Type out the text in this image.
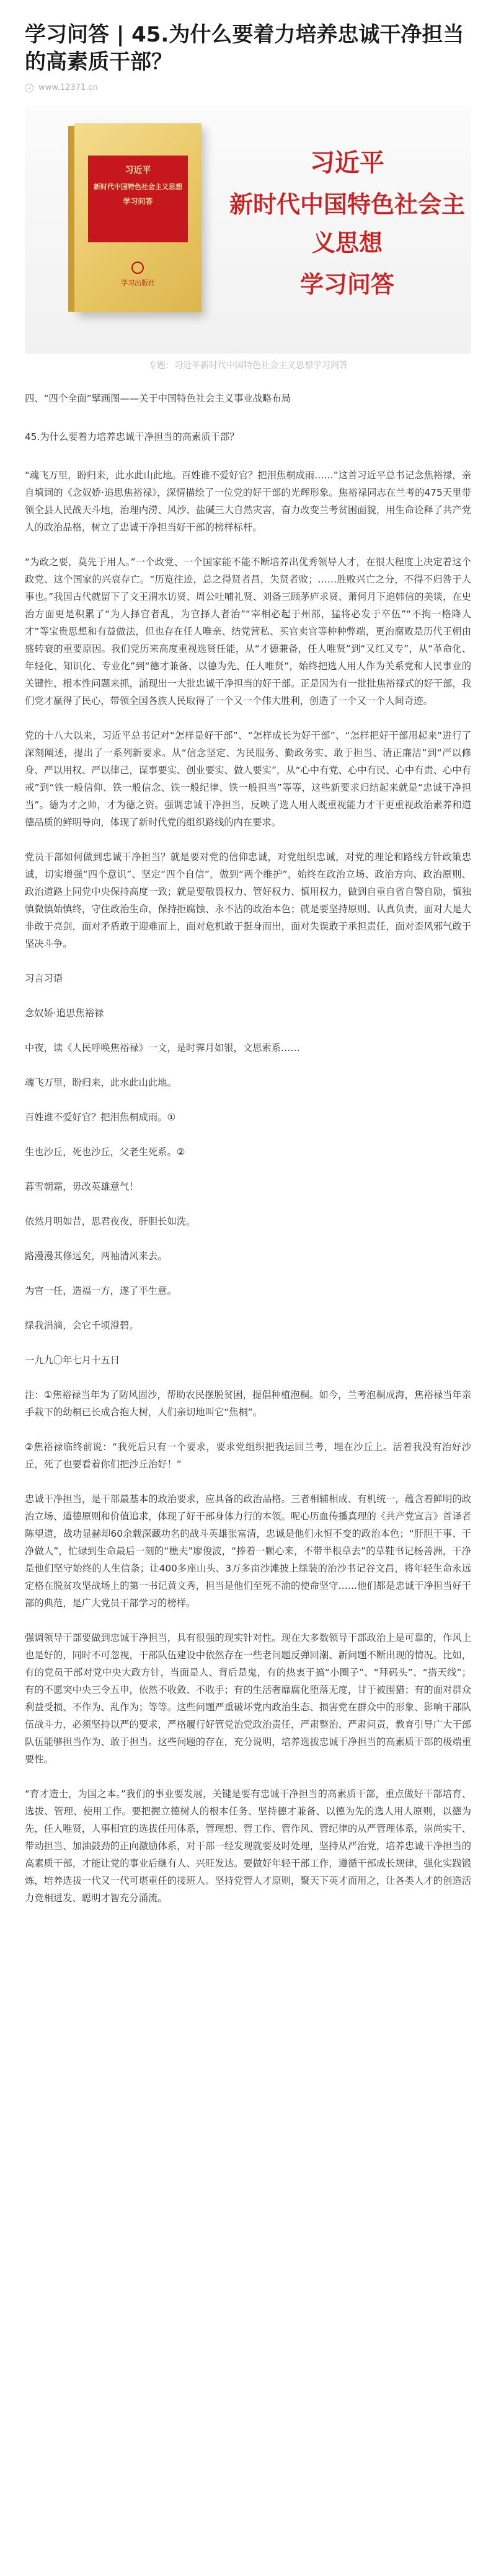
学习问答 | 45.为什么要着力培养忠诚干净担当的高素质干部？
www.12371.cn
习近平
新时代中国特色社会主义思想
学习问答
学习出版社
习近平
新时代中国特色社会主义思想
学习问答
专题：习近平新时代中国特色社会主义思想学习问答

四、“四个全面”擘画图——关于中国特色社会主义事业战略布局

45.为什么要着力培养忠诚干净担当的高素质干部？

“魂飞万里，盼归来，此水此山此地。百姓谁不爱好官？把泪焦桐成雨……”这首习近平总书记念焦裕禄，亲自填词的《念奴娇·追思焦裕禄》，深情描绘了一位党的好干部的光辉形象。焦裕禄同志在兰考的475天里带领全县人民战天斗地，治理内涝、风沙、盐碱三大自然灾害，奋力改变兰考贫困面貌，用生命诠释了共产党人的政治品格，树立了忠诚干净担当好干部的榜样标杆。

“为政之要，莫先于用人。”一个政党、一个国家能不能不断培养出优秀领导人才，在很大程度上决定着这个政党、这个国家的兴衰存亡。“历览往迹，总之得贤者昌，失贤者败；……胜败兴亡之分，不得不归咎于人事也。”我国古代就留下了文王渭水访贤、周公吐哺礼贤、刘备三顾茅庐求贤、萧何月下追韩信的美谈，在史治方面更是积累了“为人择官者乱，为官择人者治”“宰相必起于州部，猛将必发于卒伍”“不拘一格降人才”等宝贵思想和有益做法，但也存在任人唯亲、结党营私、买官卖官等种种弊端，更治腐败是历代王朝由盛转衰的重要原因。我们党历来高度重视选贤任能，从“才德兼备，任人唯贤”到“又红又专”，从“革命化、年轻化、知识化、专业化”到“德才兼备、以德为先、任人唯贤”，始终把选人用人作为关系党和人民事业的关键性、根本性问题来抓，涌现出一大批忠诚干净担当的好干部。正是因为有一批批焦裕禄式的好干部，我们党才赢得了民心，带领全国各族人民取得了一个又一个伟大胜利，创造了一个又一个人间奇迹。

党的十八大以来，习近平总书记对“怎样是好干部”、“怎样成长为好干部”、“怎样把好干部用起来”进行了深刻阐述，提出了一系列新要求。从“信念坚定、为民服务、勤政务实、敢于担当、清正廉洁”到“严以修身、严以用权、严以律己，谋事要实、创业要实、做人要实”，从“心中有党、心中有民、心中有责、心中有戒”到“铁一般信仰、铁一般信念、铁一般纪律、铁一般担当”等等，这些新要求归结起来就是“忠诚干净担当”。德为才之帅，才为德之资。强调忠诚干净担当，反映了选人用人既重视能力才干更重视政治素养和道德品质的鲜明导向，体现了新时代党的组织路线的内在要求。

党员干部如何做到忠诚干净担当？就是要对党的信仰忠诚，对党组织忠诚，对党的理论和路线方针政策忠诚，切实增强“四个意识”、坚定“四个自信”，做到“两个维护”，始终在政治立场、政治方向、政治原则、政治道路上同党中央保持高度一致；就是要敬畏权力、管好权力、慎用权力，做到自重自省自警自励，慎独慎微慎始慎终，守住政治生命，保持拒腐蚀、永不沾的政治本色；就是要坚持原则、认真负责，面对大是大非敢于亮剑，面对矛盾敢于迎难而上，面对危机敢于挺身而出，面对失误敢于承担责任，面对歪风邪气敢于坚决斗争。

习言习语

念奴娇·追思焦裕禄

中夜，读《人民呼唤焦裕禄》一文，是时霁月如银，文思索系……

魂飞万里，盼归来，此水此山此地。

百姓谁不爱好官？把泪焦桐成雨。①

生也沙丘，死也沙丘，父老生死系。②

暮雪朝霜，毋改英雄意气！

依然月明如昔，思君夜夜，肝胆长如洗。

路漫漫其修远矣，两袖清风来去。

为官一任，造福一方，遂了平生意。

绿我涓滴，会它千顷澄碧。

一九九〇年七月十五日

注：①焦裕禄当年为了防风固沙，帮助农民摆脱贫困，提倡种植泡桐。如今，兰考泡桐成海，焦裕禄当年亲手栽下的幼桐已长成合抱大树，人们亲切地叫它“焦桐”。

②焦裕禄临终前说：“我死后只有一个要求，要求党组织把我运回兰考，埋在沙丘上。活着我没有治好沙丘，死了也要看着你们把沙丘治好！”

忠诚干净担当，是干部最基本的政治要求，应具备的政治品格。三者相辅相成、有机统一，蕴含着鲜明的政治立场、道德原则和价值追求，体现了好干部身体力行的本领。呢心历血传播真理的《共产党宣言》首译者陈望道，战功显赫却60余载深藏功名的战斗英雄张富清，忠诚是他们永恒不变的政治本色；“肝胆干事、干净做人”，忙碌到生命最后一刻的“樵夫”廖俊波，“捧着一颗心来，不带半根草去”的草鞋书记杨善洲，干净是他们坚守始终的人生信条；让400多座山头、3万多亩沙滩披上绿装的治沙书记谷文昌，将年轻生命永远定格在脱贫攻坚战场上的第一书记黄文秀，担当是他们至死不渝的使命坚守……他们都是忠诚干净担当好干部的典范，是广大党员干部学习的榜样。

强调领导干部要做到忠诚干净担当，具有很强的现实针对性。现在大多数领导干部政治上是可靠的，作风上也是好的，同时不可忽视，干部队伍建设中依然存在一些老问题反弹回潮、新问题不断出现的情况。比如，有的党员干部对党中央大政方针，当面是人、背后是鬼，有的热衷于搞“小圈子”、“拜码头”、“搭天线”；有的不愿突中央三令五申，依然不收敛、不收手；有的生活奢靡腐化堕落无度，甘于被围猎；有的面对群众利益受损、不作为、乱作为；等等。这些问题严重破坏党内政治生态、损害党在群众中的形象、影响干部队伍战斗力，必须坚持以严的要求，严格履行好管党治党政治责任，严肃整治、严肃问责，教育引导广大干部队伍能够担当作为、敢于担当。这些问题的存在，充分说明，培养选拔忠诚干净担当的高素质干部的极端重要性。

“育才造士，为国之本。”我们的事业要发展，关键是要有忠诚干净担当的高素质干部，重点做好干部培育、选拔、管理、使用工作。要把握立德树人的根本任务、坚持德才兼备、以德为先的选人用人原则，以德为先，任人唯贤，人事相宜的选拔任用体系，管理想、管工作、管作风、管纪律的从严管理体系，崇尚实干、带动担当、加油鼓劲的正向激励体系，对干部一经发现就要及时处理，坚持从严治党，培养忠诚干净担当的高素质干部，才能让党的事业后继有人、兴旺发达。要做好年轻干部工作，遵循干部成长规律，强化实践锻炼，培养选拔一代又一代可堪重任的接班人。坚持党管人才原则，聚天下英才而用之，让各类人才的创造活力竞相迸发、聪明才智充分涌流。
